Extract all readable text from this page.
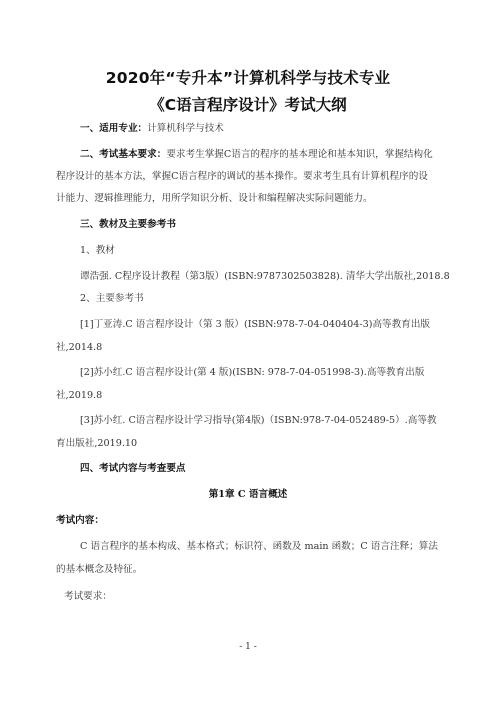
2020年“专升本”计算机科学与技术专业
《C语言程序设计》考试大纲
一、适用专业：计算机科学与技术
二、考试基本要求：要求考生掌握C语言的程序的基本理论和基本知识，掌握结构化
程序设计的基本方法，掌握C语言程序的调试的基本操作。要求考生具有计算机程序的设
计能力、逻辑推理能力，用所学知识分析、设计和编程解决实际问题能力。
三、教材及主要参考书
1、教材
谭浩强. C程序设计教程（第3版）(ISBN:9787302503828). 清华大学出版社,2018.8
2、主要参考书
[1]丁亚涛.C 语言程序设计（第 3 版）(ISBN:978-7-04-040404-3)高等教育出版
社,2014.8
[2]苏小红.C 语言程序设计(第 4 版)(ISBN: 978-7-04-051998-3).高等教育出版
社,2019.8
[3]苏小红. C语言程序设计学习指导(第4版)（ISBN:978-7-04-052489-5）.高等教
育出版社,2019.10
四、考试内容与考查要点
第1章 C 语言概述
考试内容：
C 语言程序的基本构成、基本格式；标识符、函数及 main 函数；C 语言注释；算法
的基本概念及特征。
考试要求：
- 1 -
